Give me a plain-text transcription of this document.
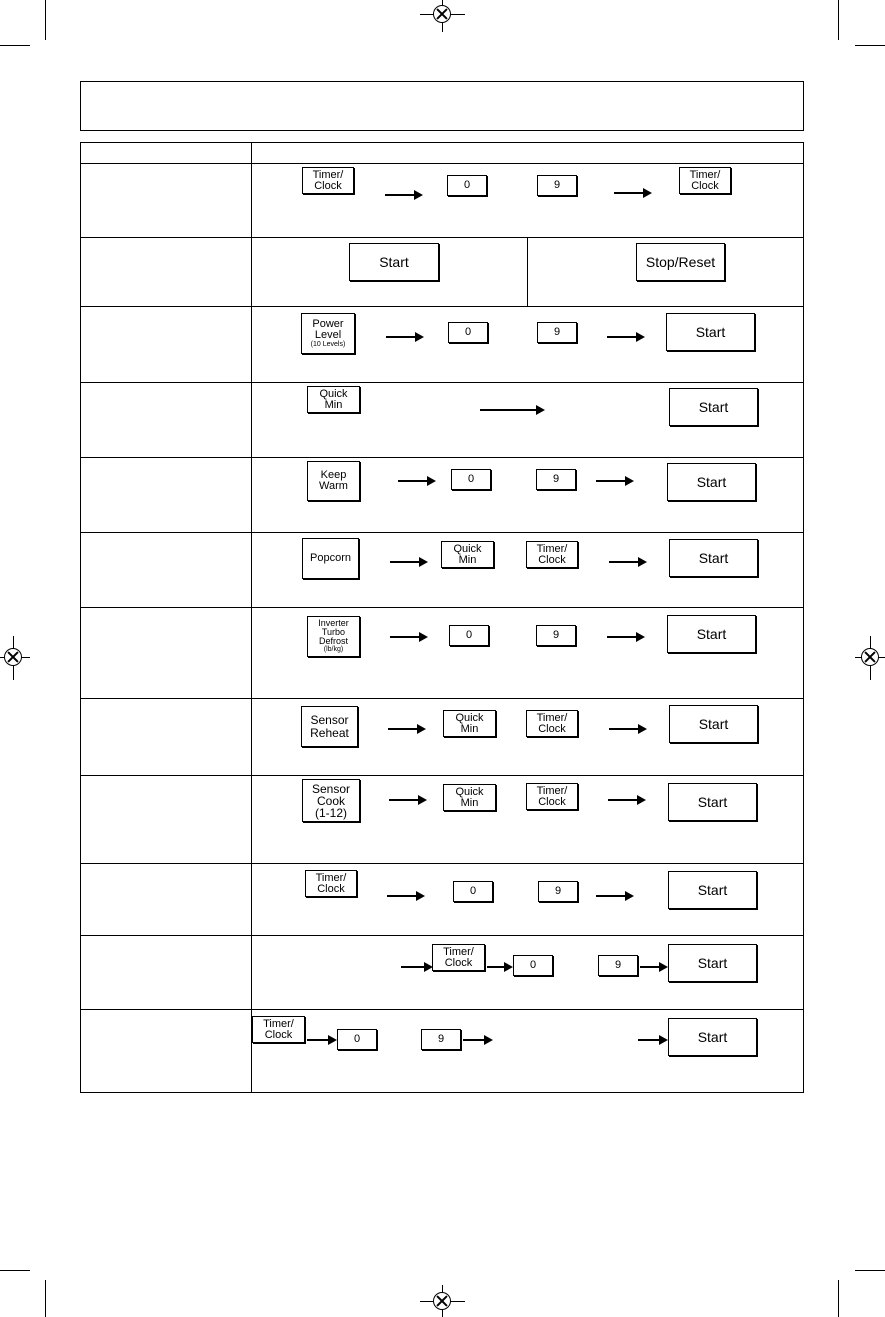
Timer/
Clock	0	9
Timer/
Clock
Start	Stop/Reset
Power
Level
(10 Levels)
0	9	Start
Quick
Min	Start
Keep
Warm
0	9	Start
Popcorn
Quick
Min
Timer/
Clock	Start
Inverter
Turbo
Defrost
(lb/kg)
0	9	Start
Sensor
Reheat
Quick
Min
Timer/
Clock	Start
Sensor
Cook
(1-12)
Quick
Min
Timer/
Clock	Start
Timer/
Clock	0	9	Start
Timer/
Clock	0	9	Start
Timer/
Clock	0	9	Start
